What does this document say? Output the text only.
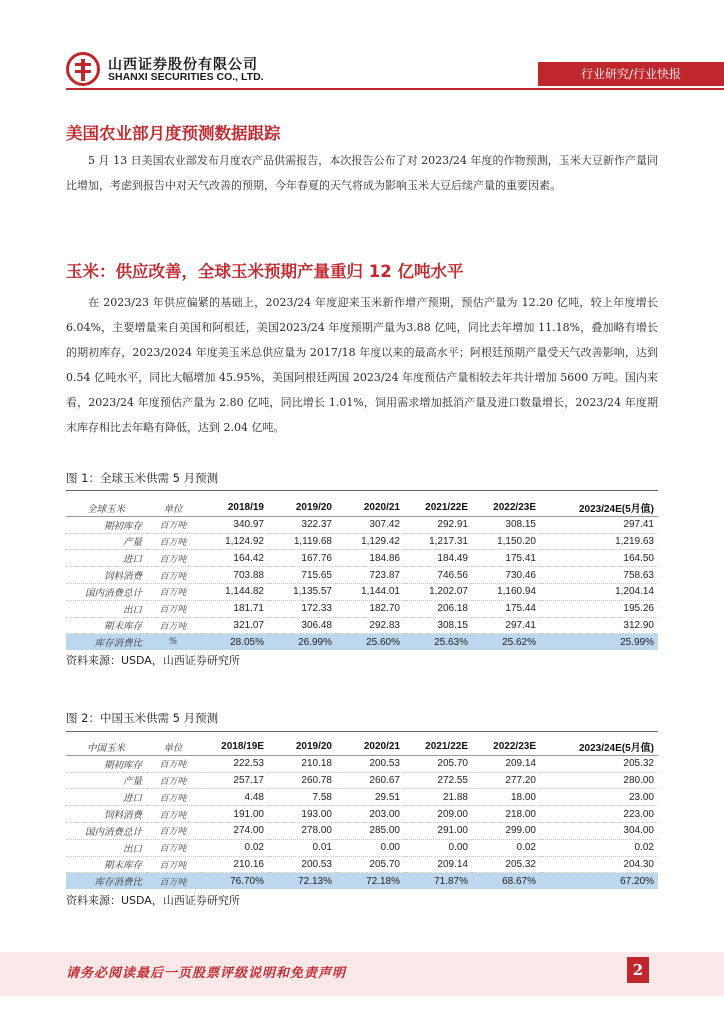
山西证券股份有限公司
SHANXI SECURITIES CO., LTD.	行业研究/行业快报
美国农业部月度预测数据跟踪
5 月 13 日美国农业部发布月度农产品供需报告，本次报告公布了对 2023/24 年度的作物预测，玉米大豆新作产量同比增加，考虑到报告中对天气改善的预期，今年春夏的天气将成为影响玉米大豆后续产量的重要因素。
玉米：供应改善，全球玉米预期产量重归 12 亿吨水平
在 2023/23 年供应偏紧的基础上，2023/24 年度迎来玉米新作增产预期，预估产量为 12.20 亿吨，较上年度增长6.04%，主要增量来自美国和阿根廷，美国2023/24 年度预期产量为3.88 亿吨，同比去年增加 11.18%，叠加略有增长的期初库存，2023/2024 年度美玉米总供应量为 2017/18 年度以来的最高水平；阿根廷预期产量受天气改善影响，达到 0.54 亿吨水平，同比大幅增加 45.95%，美国阿根廷两国 2023/24 年度预估产量相较去年共计增加 5600 万吨。国内来看，2023/24 年度预估产量为 2.80 亿吨，同比增长 1.01%，饲用需求增加抵消产量及进口数量增长，2023/24 年度期末库存相比去年略有降低，达到 2.04 亿吨。
图 1：全球玉米供需 5 月预测
全球玉米	单位	2018/19	2019/20	2020/21	2021/22E	2022/23E	2023/24E(5月值)
期初库存	百万吨	340.97	322.37	307.42	292.91	308.15	297.41
产量	百万吨	1,124.92	1,119.68	1,129.42	1,217.31	1,150.20	1,219.63
进口	百万吨	164.42	167.76	184.86	184.49	175.41	164.50
饲料消费	百万吨	703.88	715.65	723.87	746.56	730.46	758.63
国内消费总计	百万吨	1,144.82	1,135.57	1,144.01	1,202.07	1,160.94	1,204.14
出口	百万吨	181.71	172.33	182.70	206.18	175.44	195.26
期末库存	百万吨	321.07	306.48	292.83	308.15	297.41	312.90
库存消费比	%	28.05%	26.99%	25.60%	25.63%	25.62%	25.99%
资料来源：USDA，山西证券研究所
图 2：中国玉米供需 5 月预测
中国玉米	单位	2018/19E	2019/20	2020/21	2021/22E	2022/23E	2023/24E(5月值)
期初库存	百万吨	222.53	210.18	200.53	205.70	209.14	205.32
产量	百万吨	257.17	260.78	260.67	272.55	277.20	280.00
进口	百万吨	4.48	7.58	29.51	21.88	18.00	23.00
饲料消费	百万吨	191.00	193.00	203.00	209.00	218.00	223.00
国内消费总计	百万吨	274.00	278.00	285.00	291.00	299.00	304.00
出口	百万吨	0.02	0.01	0.00	0.00	0.02	0.02
期末库存	百万吨	210.16	200.53	205.70	209.14	205.32	204.30
库存消费比	百万吨	76.70%	72.13%	72.18%	71.87%	68.67%	67.20%
资料来源：USDA，山西证券研究所
请务必阅读最后一页股票评级说明和免责声明	2
